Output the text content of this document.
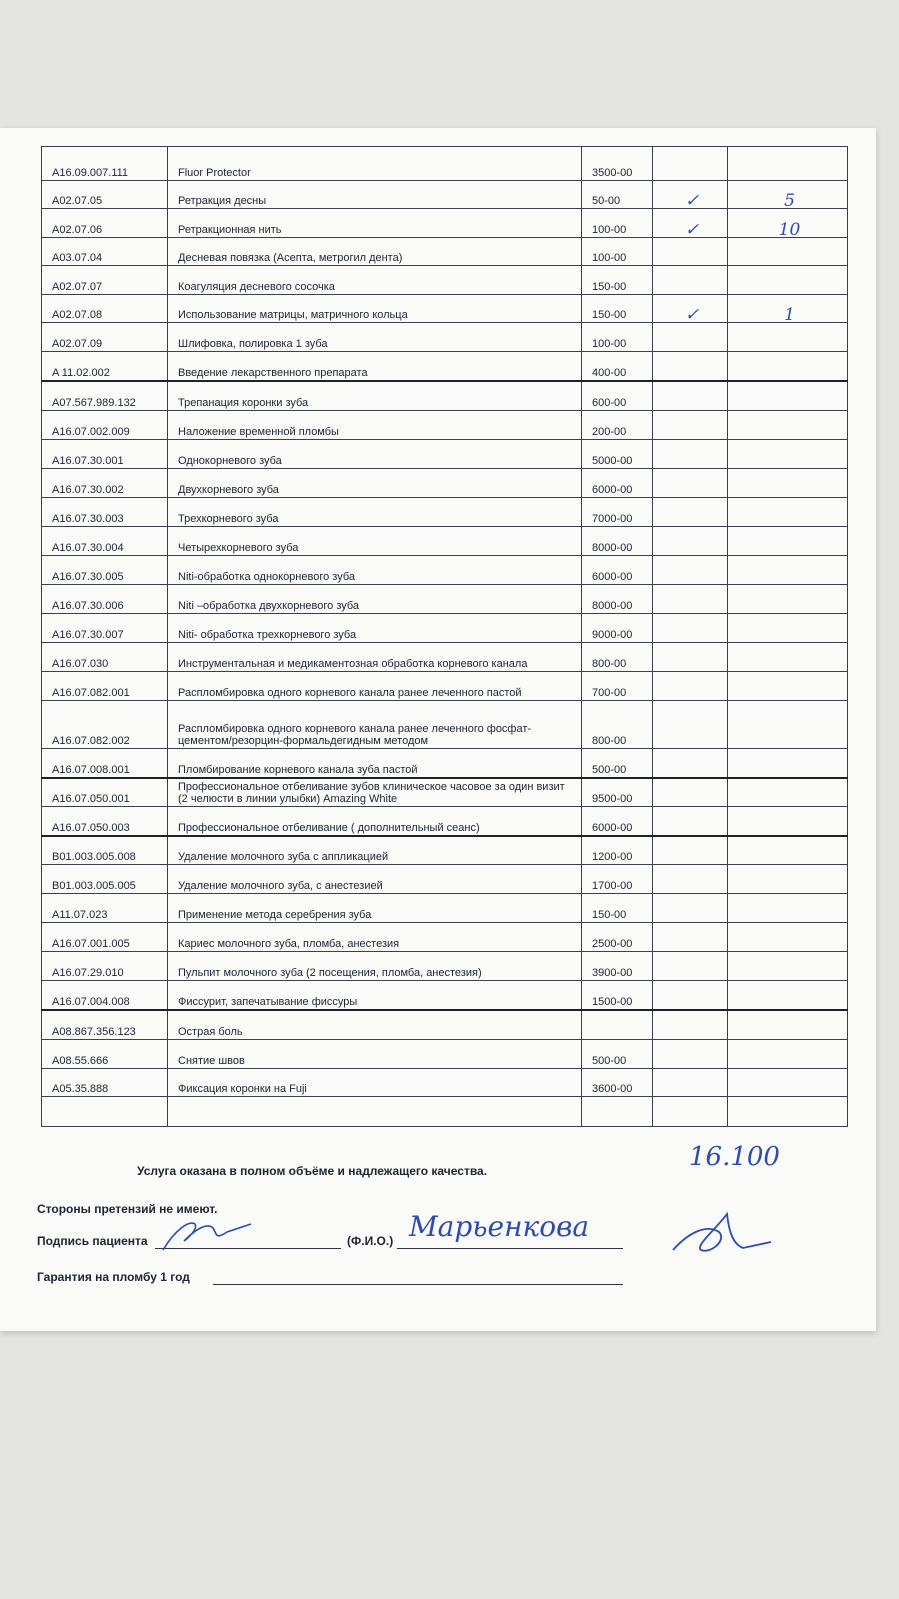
A16.09.007.111	Fluor Protector	3500-00		
A02.07.05	Ретракция десны	50-00	✓	5
A02.07.06	Ретракционная нить	100-00	✓	10
A03.07.04	Десневая повязка (Асепта, метрогил дента)	100-00		
A02.07.07	Коагуляция десневого сосочка	150-00		
A02.07.08	Использование матрицы, матричного кольца	150-00	✓	1
A02.07.09	Шлифовка, полировка 1 зуба	100-00		
A 11.02.002	Введение лекарственного препарата	400-00		
A07.567.989.132	Трепанация коронки зуба	600-00		
A16.07.002.009	Наложение временной пломбы	200-00		
A16.07.30.001	Однокорневого зуба	5000-00		
A16.07.30.002	Двухкорневого зуба	6000-00		
A16.07.30.003	Трехкорневого зуба	7000-00		
A16.07.30.004	Четырехкорневого зуба	8000-00		
A16.07.30.005	Niti-обработка однокорневого зуба	6000-00		
A16.07.30.006	Niti –обработка двухкорневого зуба	8000-00		
A16.07.30.007	Niti- обработка трехкорневого зуба	9000-00		
A16.07.030	Инструментальная и медикаментозная обработка корневого канала	800-00		
A16.07.082.001	Распломбировка одного корневого канала ранее леченного пастой	700-00		
A16.07.082.002	Распломбировка одного корневого канала ранее леченного фосфат-цементом/резорцин-формальдегидным методом	800-00		
A16.07.008.001	Пломбирование корневого канала зуба пастой	500-00		
A16.07.050.001	Профессиональное отбеливание зубов клиническое часовое за один визит (2 челюсти в линии улыбки) Amazing White	9500-00		
A16.07.050.003	Профессиональное отбеливание ( дополнительный сеанс)	6000-00		
B01.003.005.008	Удаление молочного зуба с аппликацией	1200-00		
B01.003.005.005	Удаление молочного зуба, с анестезией	1700-00		
A11.07.023	Применение метода серебрения зуба	150-00		
A16.07.001.005	Кариес молочного зуба, пломба, анестезия	2500-00		
A16.07.29.010	Пульпит молочного зуба (2 посещения, пломба, анестезия)	3900-00		
A16.07.004.008	Фиссурит, запечатывание фиссуры	1500-00		
A08.867.356.123	Острая боль			
A08.55.666	Снятие швов	500-00		
A05.35.888	Фиксация коронки на Fuji	3600-00		

Услуга оказана в полном объёме и надлежащего качества.	16.100

Стороны претензий не имеют.

Подпись пациента	(Ф.И.О.) Марьенкова

Гарантия на пломбу 1 год
